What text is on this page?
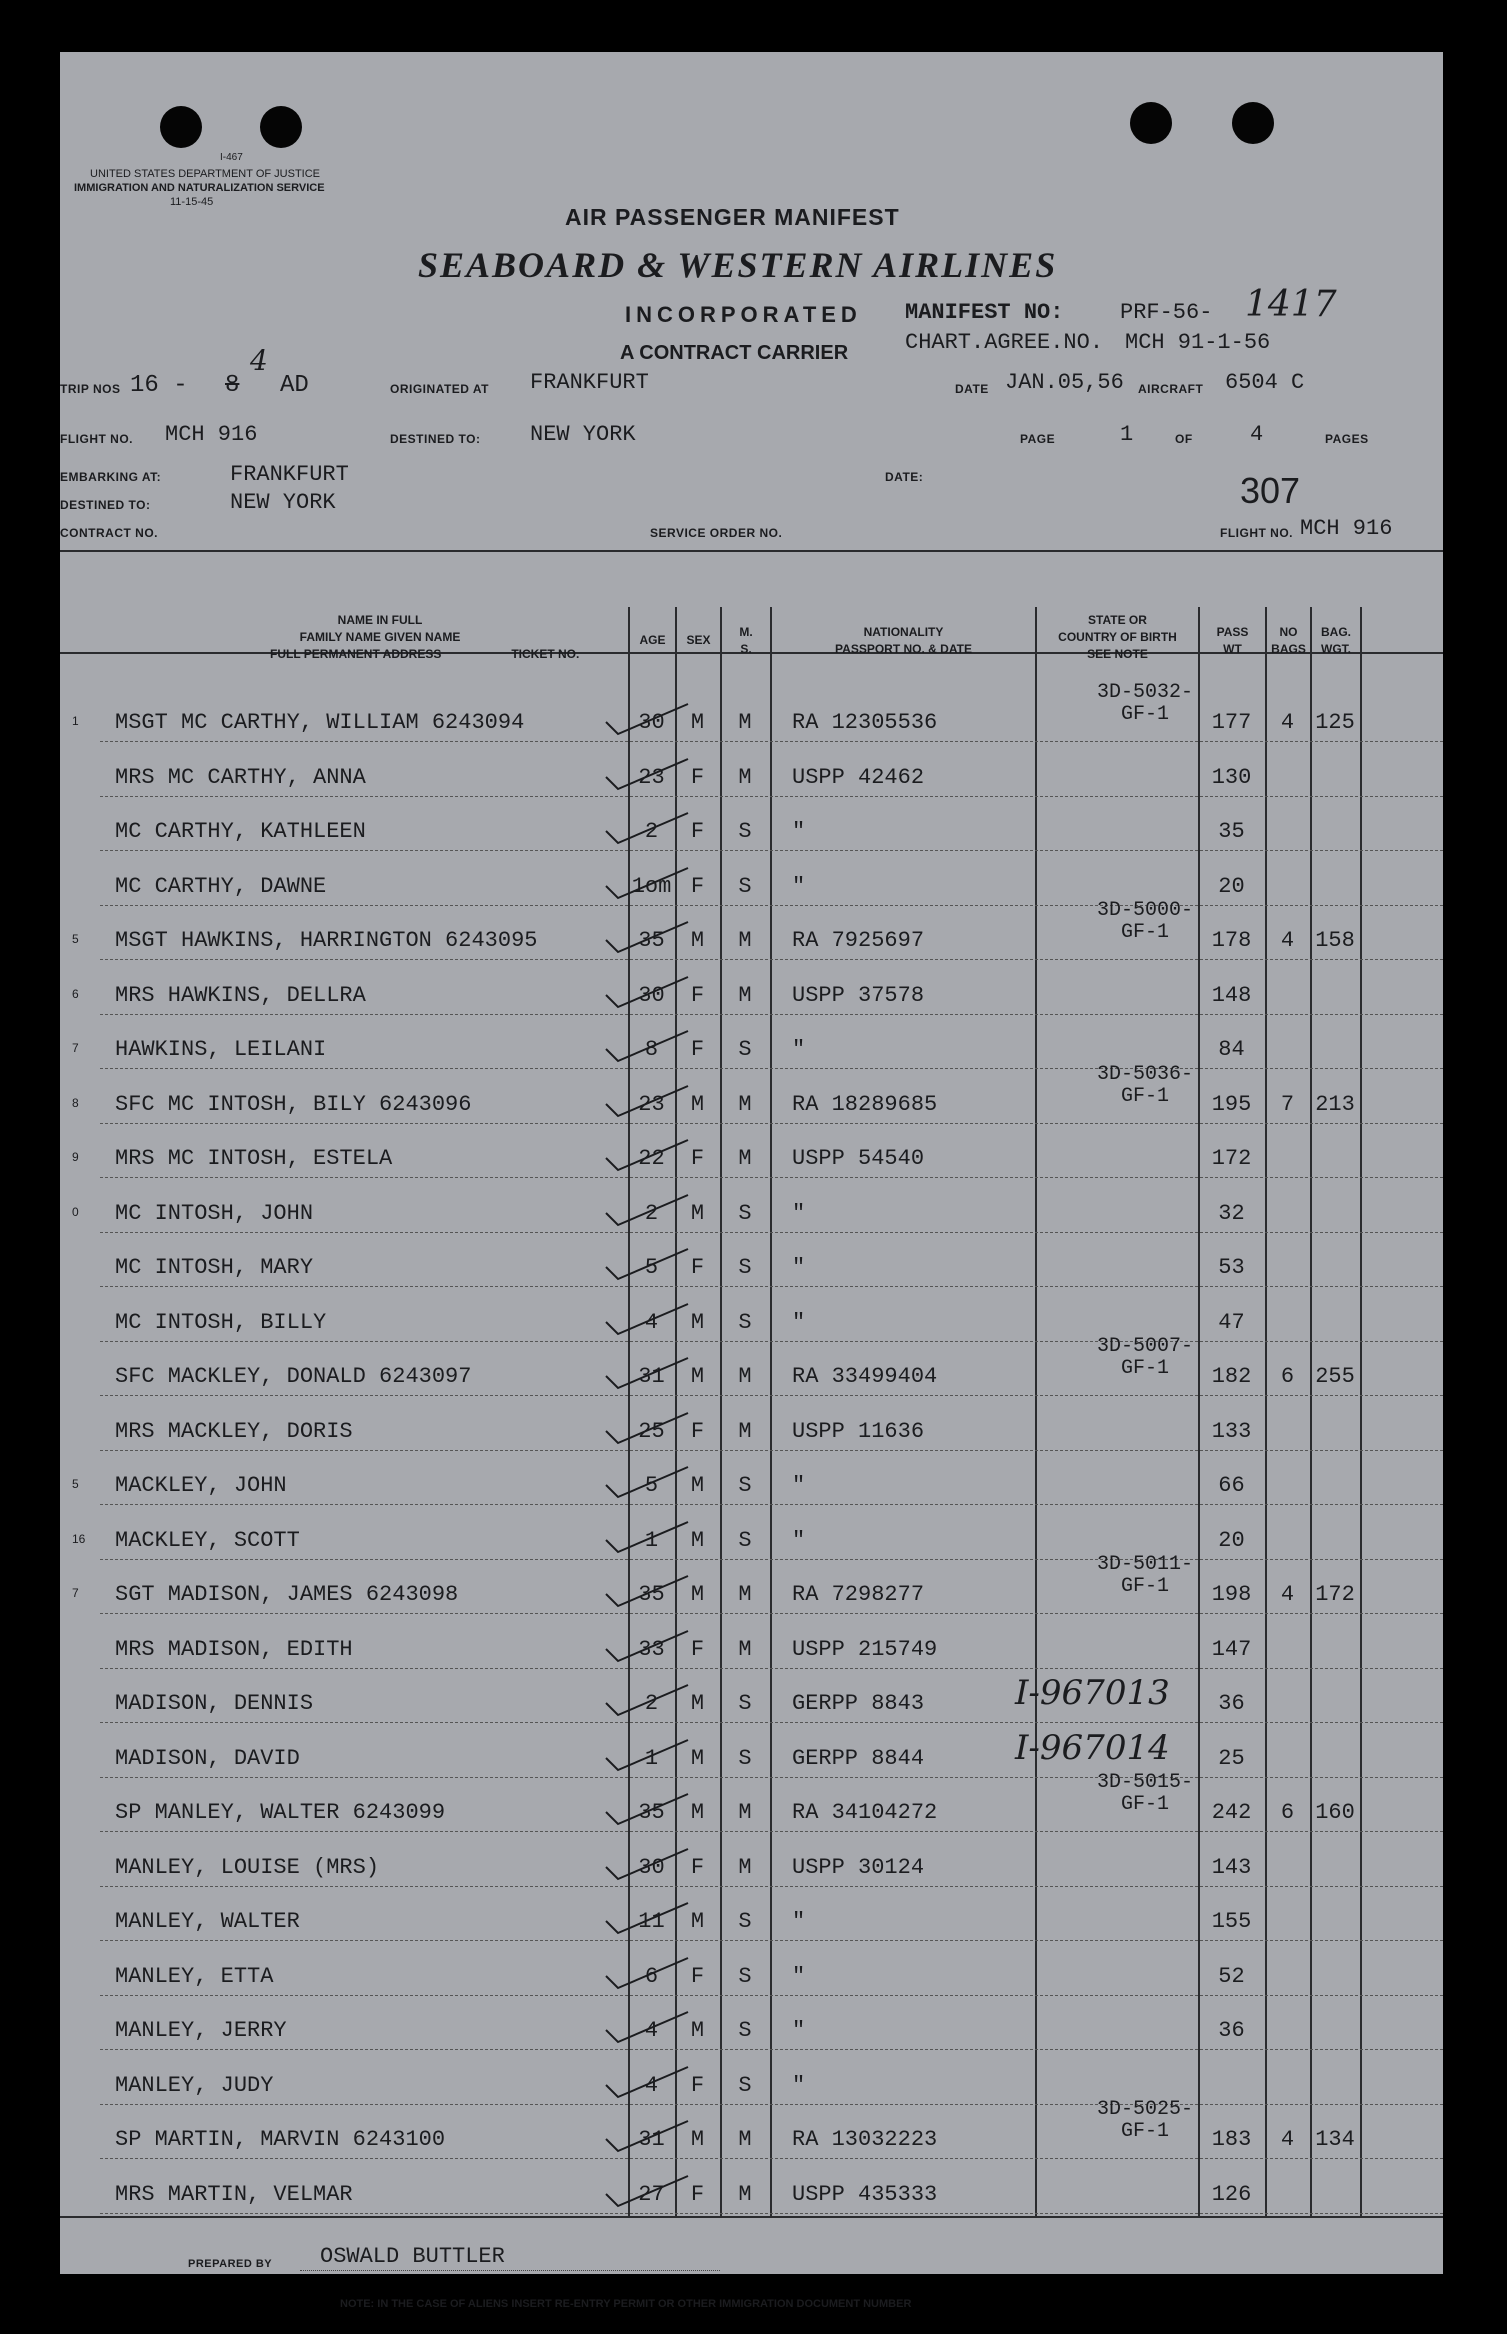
I-467
UNITED STATES DEPARTMENT OF JUSTICE
IMMIGRATION AND NATURALIZATION SERVICE
11-15-45
AIR PASSENGER MANIFEST
SEABOARD & WESTERN AIRLINES
INCORPORATED
A CONTRACT CARRIER
MANIFEST NO:	PRF-56- 1417
CHART.AGREE.NO. MCH 91-1-56
TRIP NOS 16 - 8
4
AD	ORIGINATED AT FRANKFURT	DATE JAN.05,56 AIRCRAFT 6504 C
FLIGHT NO. MCH 916	DESTINED TO: NEW YORK	PAGE	1	OF	4	PAGES
EMBARKING AT:	FRANKFURT
DESTINED TO:	NEW YORK
DATE:	307
CONTRACT NO.	SERVICE ORDER NO.	FLIGHT NO. MCH 916
NAME IN FULL
FAMILY NAME GIVEN NAME
FULL PERMANENT ADDRESS	TICKET NO.
AGE	SEX
M.
S.
NATIONALITY
PASSPORT NO. & DATE
STATE OR
COUNTRY OF BIRTH
SEE NOTE
PASS
WT
NO
BAGS
BAG.
WGT.
1 MSGT MC CARTHY, WILLIAM 6243094	30	M	M	RA 12305536	177	4 125
3D-5032-
GF-1
MRS MC CARTHY, ANNA	23	F	M	USPP 42462	130
MC CARTHY, KATHLEEN	2	F	S	"	35
MC CARTHY, DAWNE	1om F	S	"	20
5 MSGT HAWKINS, HARRINGTON 6243095	35	M	M	RA 7925697	178	4 158
3D-5000-
GF-1
6 MRS HAWKINS, DELLRA	30	F	M	USPP 37578	148
7 HAWKINS, LEILANI	8	F	S	"	84
8 SFC MC INTOSH, BILY 6243096	23	M	M	RA 18289685	195	7 213
3D-5036-
GF-1
9 MRS MC INTOSH, ESTELA	22	F	M	USPP 54540	172
0 MC INTOSH, JOHN	2	M	S	"	32
MC INTOSH, MARY	5	F	S	"	53
MC INTOSH, BILLY	4	M	S	"	47
SFC MACKLEY, DONALD 6243097	31	M	M	RA 33499404	182	6 255
3D-5007-
GF-1
MRS MACKLEY, DORIS	25	F	M	USPP 11636	133
5 MACKLEY, JOHN	5	M	S	"	66
16 MACKLEY, SCOTT	1	M	S	"	20
7 SGT MADISON, JAMES 6243098	35	M	M	RA 7298277	198	4 172
3D-5011-
GF-1
MRS MADISON, EDITH	33	F	M	USPP 215749	147
MADISON, DENNIS	2	M	S	GERPP 8843	36
I-967013
MADISON, DAVID	1	M	S	GERPP 8844	25
I-967014
SP MANLEY, WALTER 6243099	35	M	M	RA 34104272	242	6 160
3D-5015-
GF-1
MANLEY, LOUISE (MRS)	30	F	M	USPP 30124	143
MANLEY, WALTER	11	M	S	"	155
MANLEY, ETTA	6	F	S	"	52
MANLEY, JERRY	4	M	S	"	36
MANLEY, JUDY	4	F	S	"
SP MARTIN, MARVIN 6243100	31	M	M	RA 13032223	183	4 134
3D-5025-
GF-1
MRS MARTIN, VELMAR	27	F	M	USPP 435333	126
PREPARED BY OSWALD BUTTLER
NOTE: IN THE CASE OF ALIENS INSERT RE-ENTRY PERMIT OR OTHER IMMIGRATION DOCUMENT NUMBER
